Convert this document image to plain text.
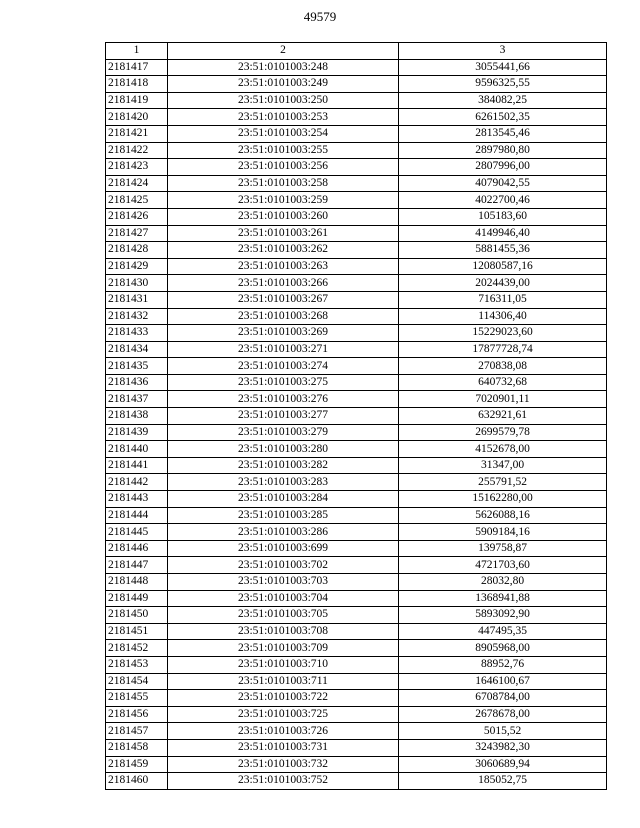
49579
1	2	3
2181417	23:51:0101003:248	3055441,66
2181418	23:51:0101003:249	9596325,55
2181419	23:51:0101003:250	384082,25
2181420	23:51:0101003:253	6261502,35
2181421	23:51:0101003:254	2813545,46
2181422	23:51:0101003:255	2897980,80
2181423	23:51:0101003:256	2807996,00
2181424	23:51:0101003:258	4079042,55
2181425	23:51:0101003:259	4022700,46
2181426	23:51:0101003:260	105183,60
2181427	23:51:0101003:261	4149946,40
2181428	23:51:0101003:262	5881455,36
2181429	23:51:0101003:263	12080587,16
2181430	23:51:0101003:266	2024439,00
2181431	23:51:0101003:267	716311,05
2181432	23:51:0101003:268	114306,40
2181433	23:51:0101003:269	15229023,60
2181434	23:51:0101003:271	17877728,74
2181435	23:51:0101003:274	270838,08
2181436	23:51:0101003:275	640732,68
2181437	23:51:0101003:276	7020901,11
2181438	23:51:0101003:277	632921,61
2181439	23:51:0101003:279	2699579,78
2181440	23:51:0101003:280	4152678,00
2181441	23:51:0101003:282	31347,00
2181442	23:51:0101003:283	255791,52
2181443	23:51:0101003:284	15162280,00
2181444	23:51:0101003:285	5626088,16
2181445	23:51:0101003:286	5909184,16
2181446	23:51:0101003:699	139758,87
2181447	23:51:0101003:702	4721703,60
2181448	23:51:0101003:703	28032,80
2181449	23:51:0101003:704	1368941,88
2181450	23:51:0101003:705	5893092,90
2181451	23:51:0101003:708	447495,35
2181452	23:51:0101003:709	8905968,00
2181453	23:51:0101003:710	88952,76
2181454	23:51:0101003:711	1646100,67
2181455	23:51:0101003:722	6708784,00
2181456	23:51:0101003:725	2678678,00
2181457	23:51:0101003:726	5015,52
2181458	23:51:0101003:731	3243982,30
2181459	23:51:0101003:732	3060689,94
2181460	23:51:0101003:752	185052,75
